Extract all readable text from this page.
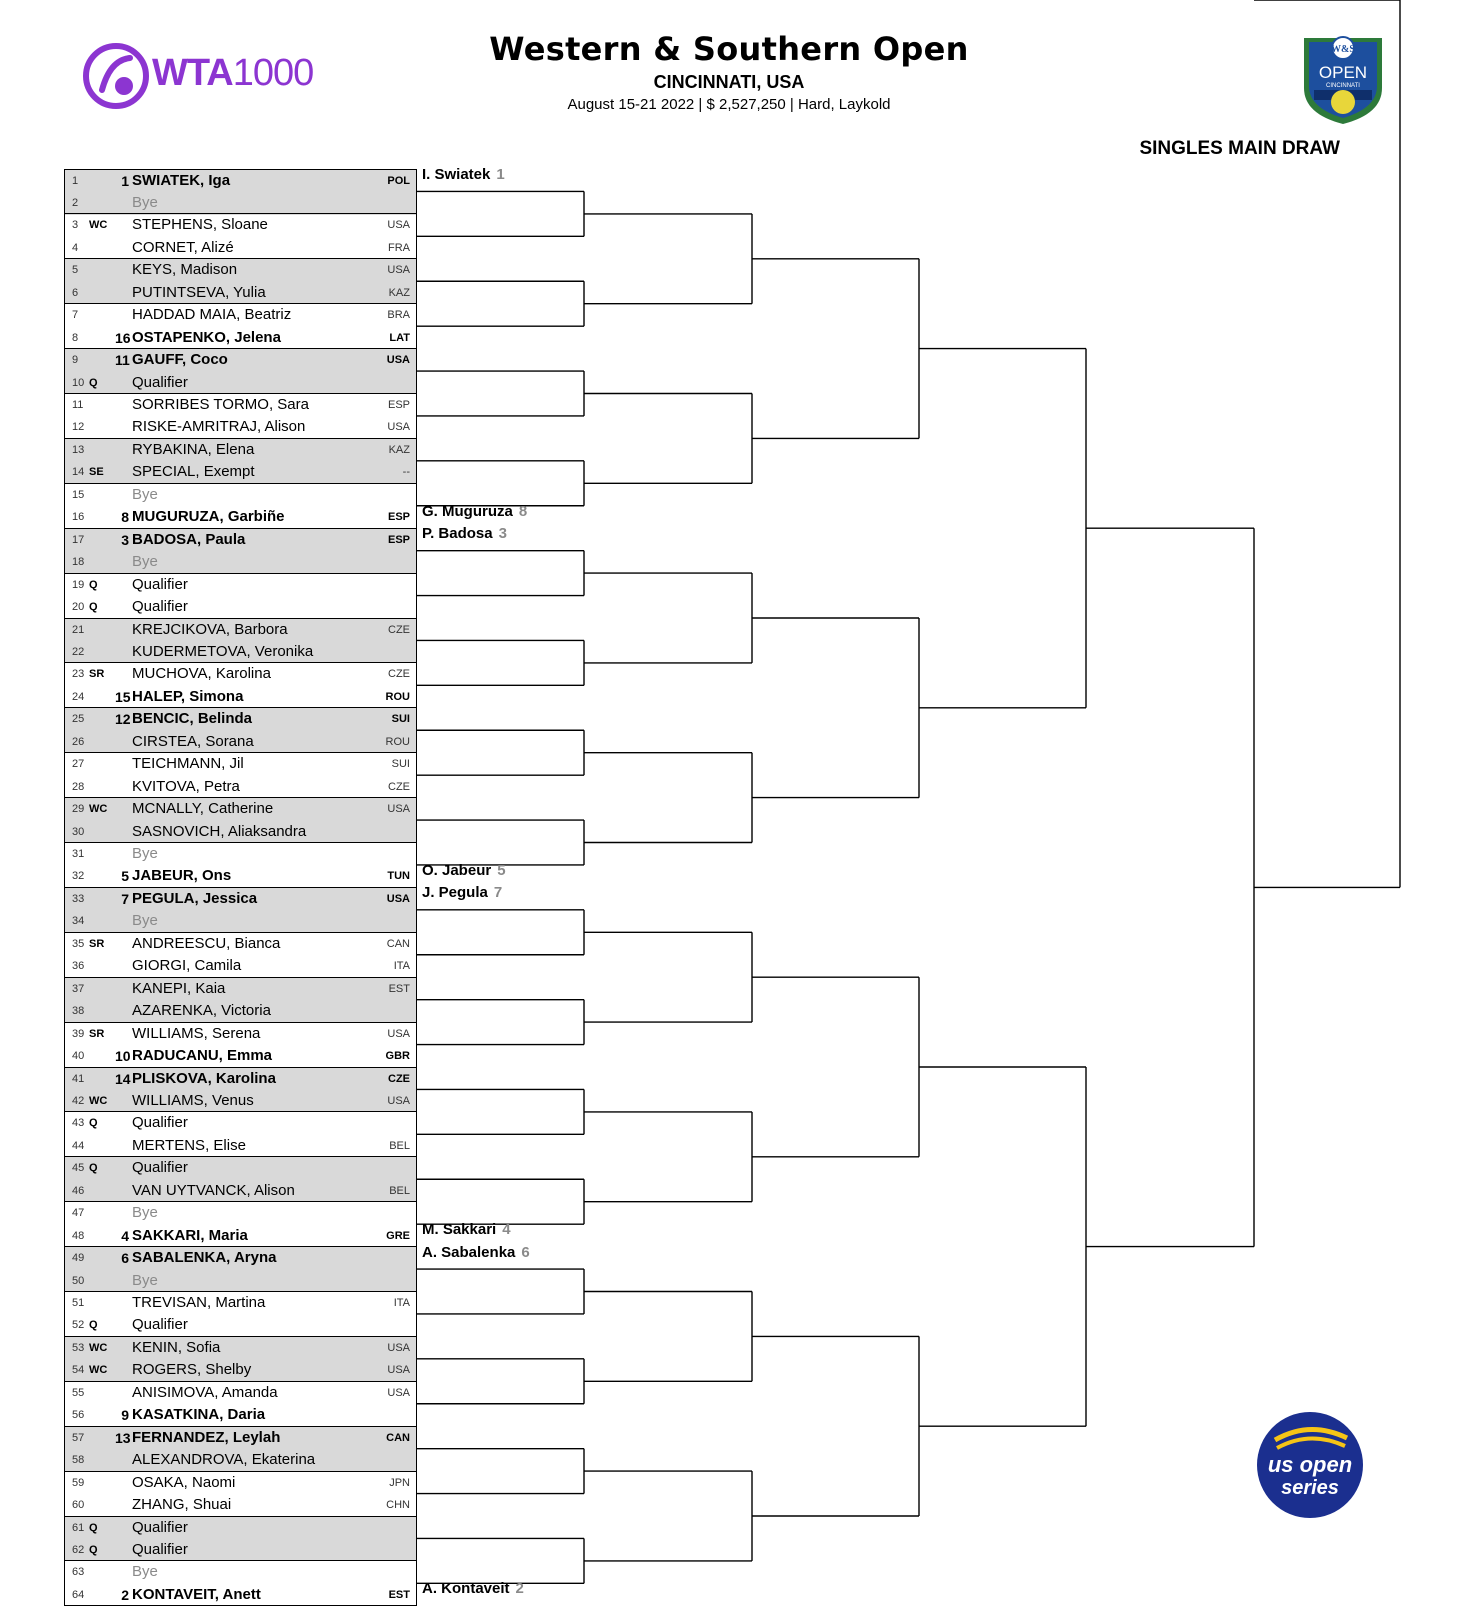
WTA1000
Western & Southern Open
CINCINNATI, USA
August 15-21 2022 | $ 2,527,250 | Hard, Laykold
SINGLES MAIN DRAW
W&S
OPEN
CINCINNATI
us open
series
1	1 SWIATEK, Iga	POL
2	Bye
3 WC STEPHENS, Sloane	USA
4	CORNET, Alizé	FRA
5	KEYS, Madison	USA
6	PUTINTSEVA, Yulia	KAZ
7	HADDAD MAIA, Beatriz	BRA
8	16 OSTAPENKO, Jelena	LAT
9	11 GAUFF, Coco	USA
10 Q Qualifier
11	SORRIBES TORMO, Sara	ESP
12	RISKE-AMRITRAJ, Alison	USA
13	RYBAKINA, Elena	KAZ
14 SE SPECIAL, Exempt	--
15	Bye
16	8 MUGURUZA, Garbiñe	ESP
17	3 BADOSA, Paula	ESP
18	Bye
19 Q Qualifier
20 Q Qualifier
21	KREJCIKOVA, Barbora	CZE
22	KUDERMETOVA, Veronika
23 SR MUCHOVA, Karolina	CZE
24 15 HALEP, Simona	ROU
25 12 BENCIC, Belinda	SUI
26	CIRSTEA, Sorana	ROU
27	TEICHMANN, Jil	SUI
28	KVITOVA, Petra	CZE
29 WC MCNALLY, Catherine	USA
30	SASNOVICH, Aliaksandra
31	Bye
32	5 JABEUR, Ons	TUN
33	7 PEGULA, Jessica	USA
34	Bye
35 SR ANDREESCU, Bianca	CAN
36	GIORGI, Camila	ITA
37	KANEPI, Kaia	EST
38	AZARENKA, Victoria
39 SR WILLIAMS, Serena	USA
40 10 RADUCANU, Emma	GBR
41 14 PLISKOVA, Karolina	CZE
42 WC WILLIAMS, Venus	USA
43 Q Qualifier
44	MERTENS, Elise	BEL
45 Q Qualifier
46	VAN UYTVANCK, Alison	BEL
47	Bye
48	4 SAKKARI, Maria	GRE
49	6 SABALENKA, Aryna
50	Bye
51	TREVISAN, Martina	ITA
52 Q Qualifier
53 WC KENIN, Sofia	USA
54 WC ROGERS, Shelby	USA
55	ANISIMOVA, Amanda	USA
56	9 KASATKINA, Daria
57 13 FERNANDEZ, Leylah	CAN
58	ALEXANDROVA, Ekaterina
59	OSAKA, Naomi	JPN
60	ZHANG, Shuai	CHN
61 Q Qualifier
62 Q Qualifier
63	Bye
64	2 KONTAVEIT, Anett	EST
I. Swiatek 1
G. Muguruza 8
P. Badosa 3
O. Jabeur 5
J. Pegula 7
M. Sakkari 4
A. Sabalenka 6
A. Kontaveit 2
